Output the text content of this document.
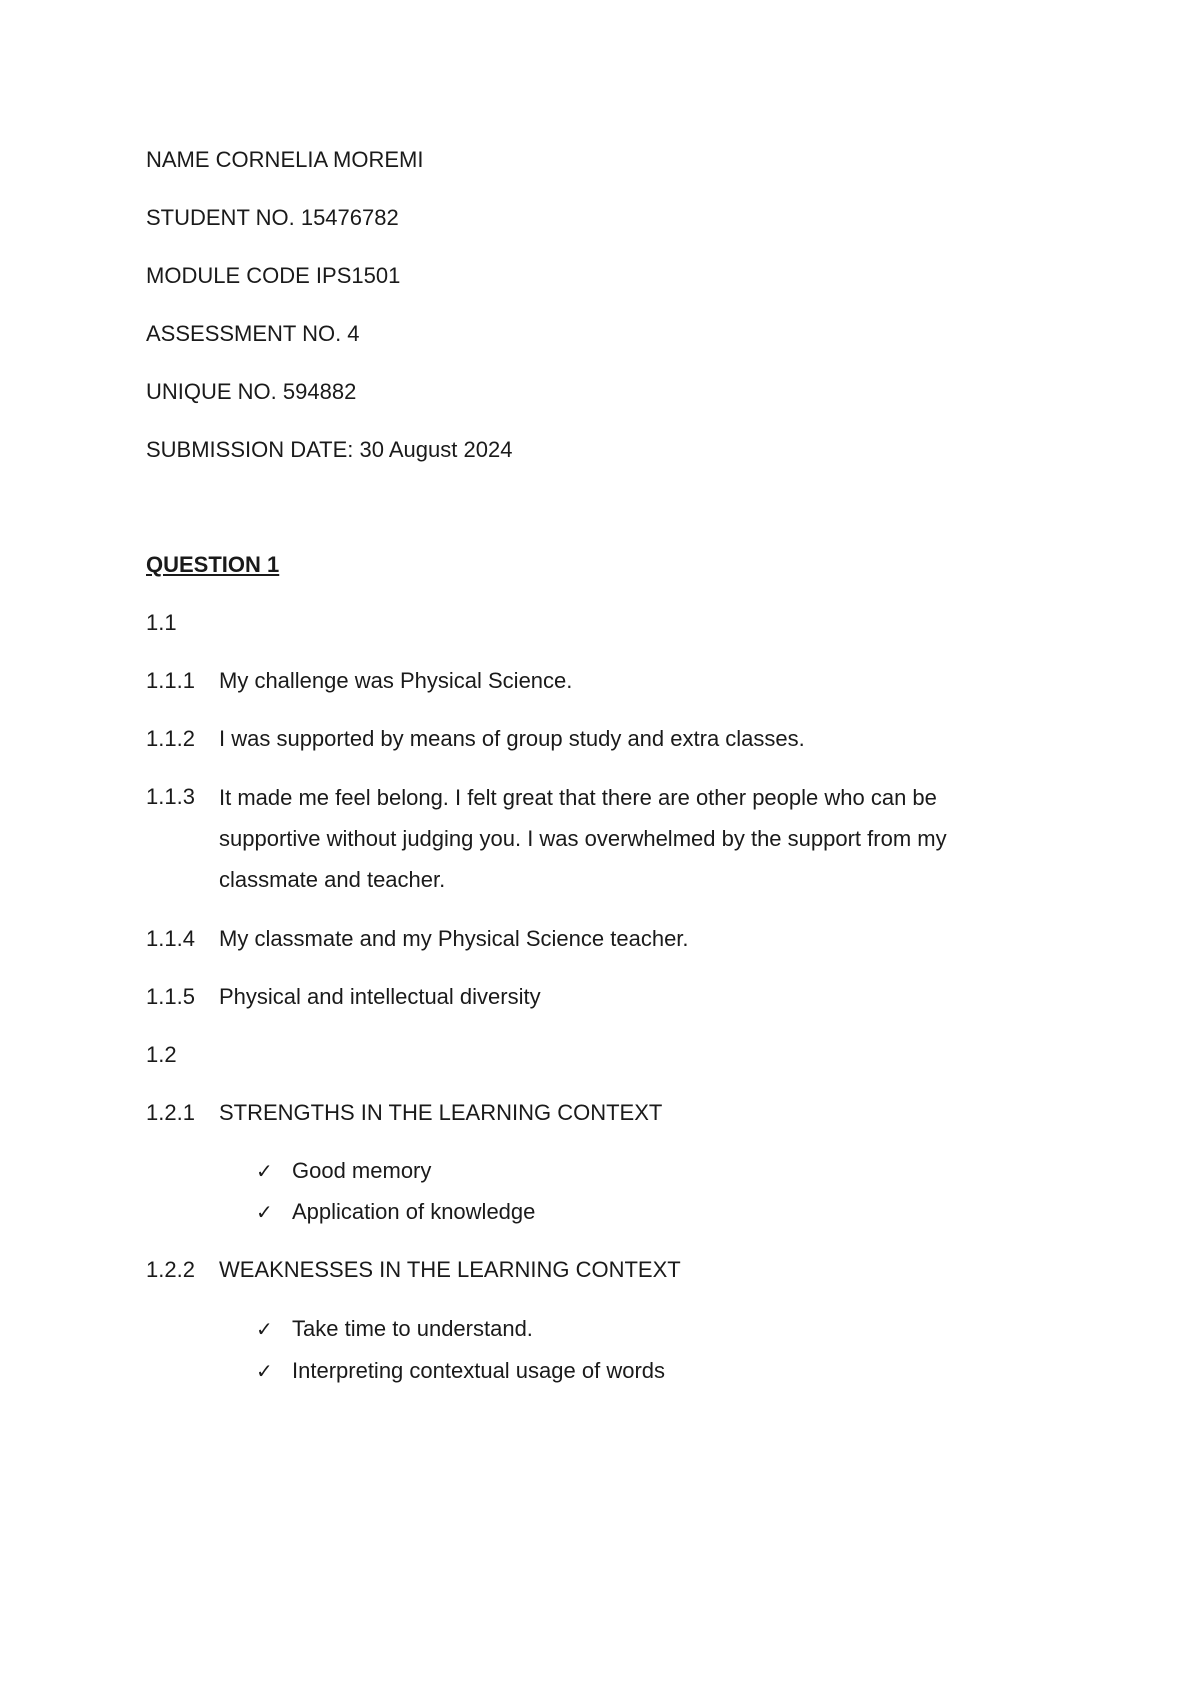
NAME CORNELIA MOREMI
STUDENT NO. 15476782
MODULE CODE IPS1501
ASSESSMENT NO. 4
UNIQUE NO. 594882
SUBMISSION DATE: 30 August 2024
QUESTION 1
1.1
1.1.1 My challenge was Physical Science.
1.1.2 I was supported by means of group study and extra classes.
1.1.3 It made me feel belong. I felt great that there are other people who can be
supportive without judging you. I was overwhelmed by the support from my
classmate and teacher.
1.1.4 My classmate and my Physical Science teacher.
1.1.5 Physical and intellectual diversity
1.2
1.2.1 STRENGTHS IN THE LEARNING CONTEXT
✓ Good memory
✓ Application of knowledge
1.2.2 WEAKNESSES IN THE LEARNING CONTEXT
✓ Take time to understand.
✓ Interpreting contextual usage of words
